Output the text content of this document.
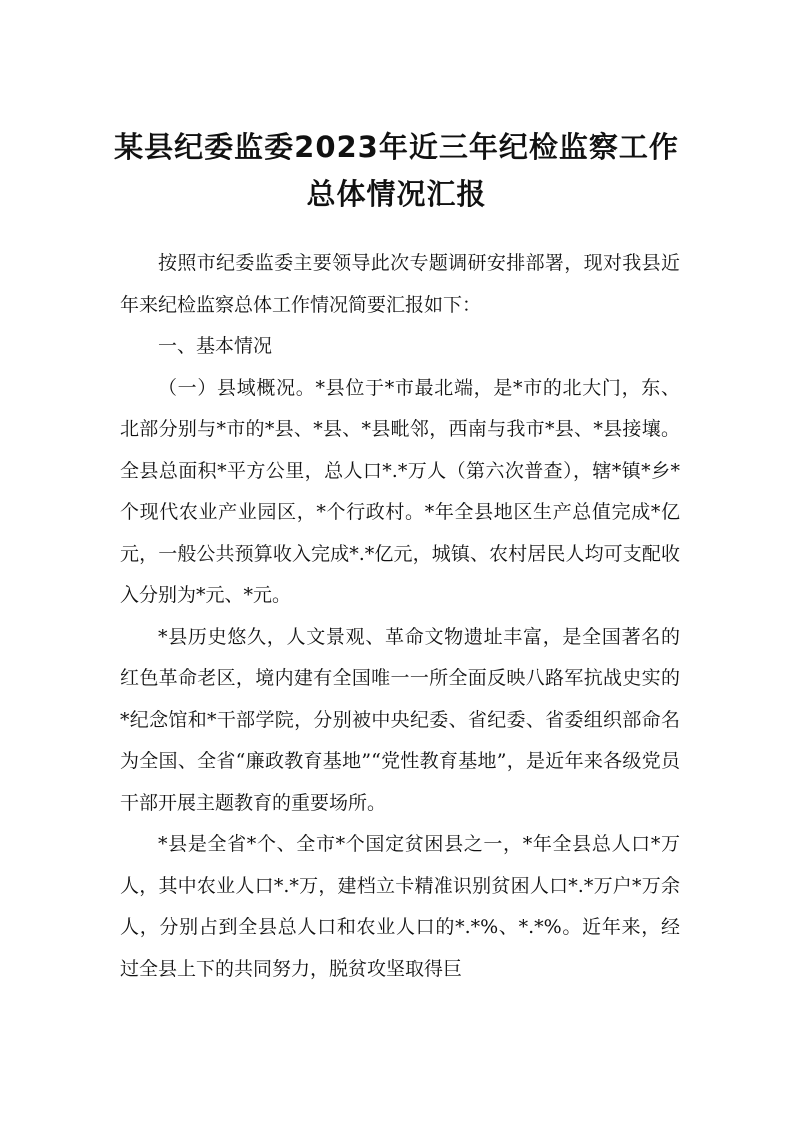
某县纪委监委2023年近三年纪检监察工作
总体情况汇报

按照市纪委监委主要领导此次专题调研安排部署，现对我县近年来纪检监察总体工作情况简要汇报如下：

一、基本情况

（一）县域概况。*县位于*市最北端，是*市的北大门，东、北部分别与*市的*县、*县、*县毗邻，西南与我市*县、*县接壤。全县总面积*平方公里，总人口*.*万人（第六次普查），辖*镇*乡*个现代农业产业园区，*个行政村。*年全县地区生产总值完成*亿元，一般公共预算收入完成*.*亿元，城镇、农村居民人均可支配收入分别为*元、*元。

*县历史悠久，人文景观、革命文物遗址丰富，是全国著名的红色革命老区，境内建有全国唯一一所全面反映八路军抗战史实的*纪念馆和*干部学院，分别被中央纪委、省纪委、省委组织部命名为全国、全省“廉政教育基地”“党性教育基地”，是近年来各级党员干部开展主题教育的重要场所。

*县是全省*个、全市*个国定贫困县之一，*年全县总人口*万人，其中农业人口*.*万，建档立卡精准识别贫困人口*.*万户*万余人，分别占到全县总人口和农业人口的*.*%、*.*%。近年来，经过全县上下的共同努力，脱贫攻坚取得巨
